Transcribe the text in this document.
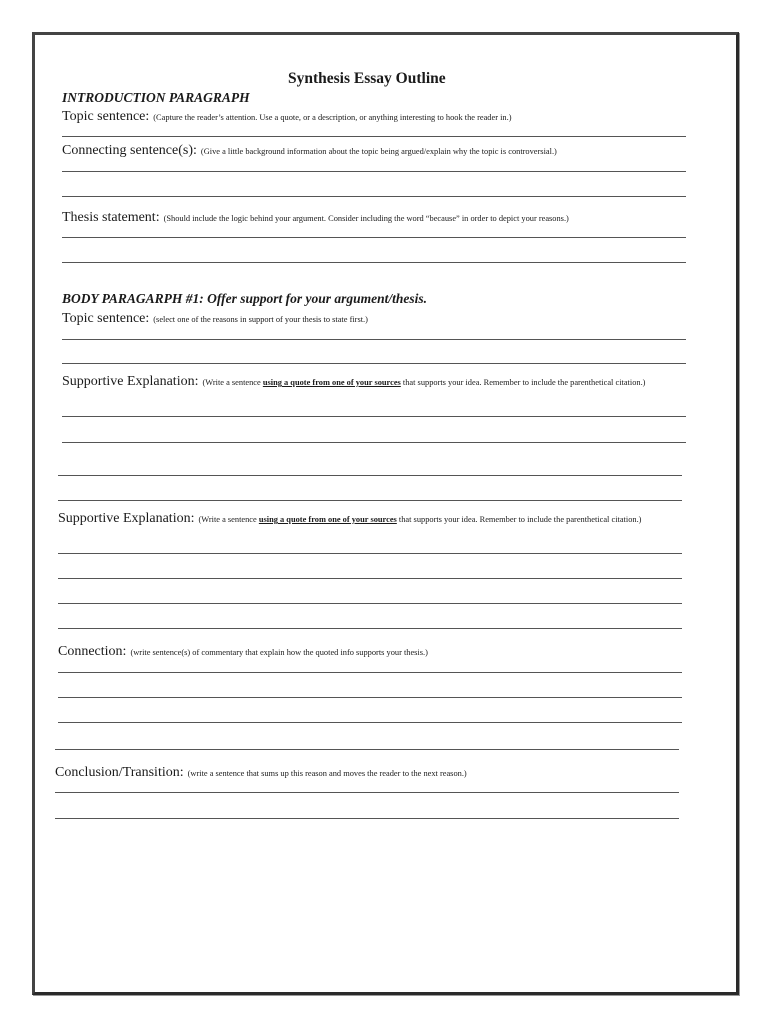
Synthesis Essay Outline
INTRODUCTION PARAGRAPH
Topic sentence: (Capture the reader’s attention. Use a quote, or a description, or anything interesting to hook the reader in.)
Connecting sentence(s): (Give a little background information about the topic being argued/explain why the topic is controversial.)
Thesis statement: (Should include the logic behind your argument. Consider including the word “because” in order to depict your reasons.)
BODY PARAGARPH #1: Offer support for your argument/thesis.
Topic sentence: (select one of the reasons in support of your thesis to state first.)
Supportive Explanation: (Write a sentence using a quote from one of your sources that supports your idea. Remember to include the parenthetical citation.)
Supportive Explanation: (Write a sentence using a quote from one of your sources that supports your idea. Remember to include the parenthetical citation.)
Connection: (write sentence(s) of commentary that explain how the quoted info supports your thesis.)
Conclusion/Transition: (write a sentence that sums up this reason and moves the reader to the next reason.)
